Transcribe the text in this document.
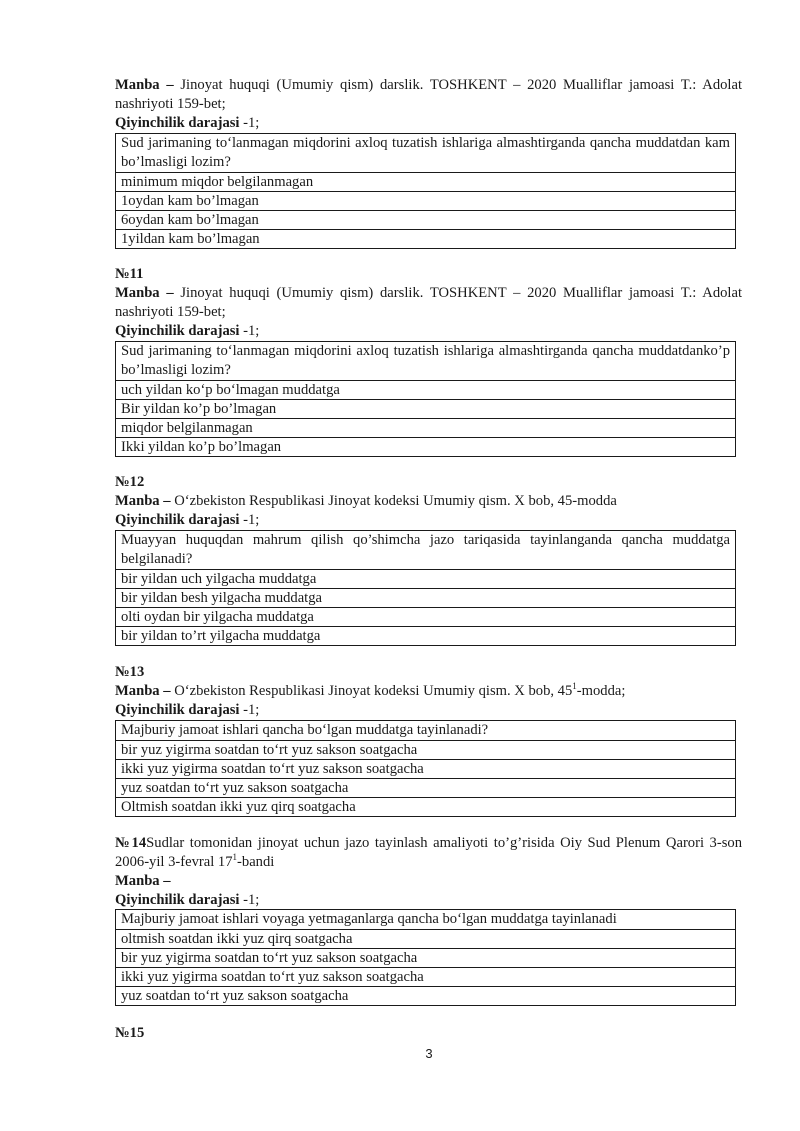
Manba – Jinoyat huquqi (Umumiy qism) darslik. TOSHKENT – 2020 Mualliflar jamoasi T.: Adolat nashriyoti 159-bet;
Qiyinchilik darajasi -1;
Sud jarimaning to‘lanmagan miqdorini axloq tuzatish ishlariga almashtirganda qancha muddatdan kam bo’lmasligi lozim?
minimum miqdor belgilanmagan
1oydan kam bo’lmagan
6oydan kam bo’lmagan
1yildan kam bo’lmagan
№11
Manba – Jinoyat huquqi (Umumiy qism) darslik. TOSHKENT – 2020 Mualliflar jamoasi T.: Adolat nashriyoti 159-bet;
Qiyinchilik darajasi -1;
Sud jarimaning to‘lanmagan miqdorini axloq tuzatish ishlariga almashtirganda qancha muddatdanko’p bo’lmasligi lozim?
uch yildan ko‘p bo‘lmagan muddatga
Bir yildan ko’p bo’lmagan
miqdor belgilanmagan
Ikki yildan ko’p bo’lmagan
№12
Manba – O‘zbekiston Respublikasi Jinoyat kodeksi Umumiy qism. X bob, 45-modda
Qiyinchilik darajasi -1;
Muayyan huquqdan mahrum qilish qo’shimcha jazo tariqasida tayinlanganda qancha muddatga belgilanadi?
bir yildan uch yilgacha muddatga
bir yildan besh yilgacha muddatga
olti oydan bir yilgacha muddatga
bir yildan to’rt yilgacha muddatga
№13
Manba – O‘zbekiston Respublikasi Jinoyat kodeksi Umumiy qism. X bob, $45^1$-modda;
Qiyinchilik darajasi -1;
Majburiy jamoat ishlari qancha bo‘lgan muddatga tayinlanadi?
bir yuz yigirma soatdan to‘rt yuz sakson soatgacha
ikki yuz yigirma soatdan to‘rt yuz sakson soatgacha
yuz soatdan to‘rt yuz sakson soatgacha
Oltmish soatdan ikki yuz qirq soatgacha
№14Sudlar tomonidan jinoyat uchun jazo tayinlash amaliyoti to’g’risida Oiy Sud Plenum Qarori 3-son 2006-yil 3-fevral $17^1$-bandi
Manba –
Qiyinchilik darajasi -1;
Majburiy jamoat ishlari voyaga yetmaganlarga qancha bo‘lgan muddatga tayinlanadi
oltmish soatdan ikki yuz qirq soatgacha
bir yuz yigirma soatdan to‘rt yuz sakson soatgacha
ikki yuz yigirma soatdan to‘rt yuz sakson soatgacha
yuz soatdan to‘rt yuz sakson soatgacha
№15
3
